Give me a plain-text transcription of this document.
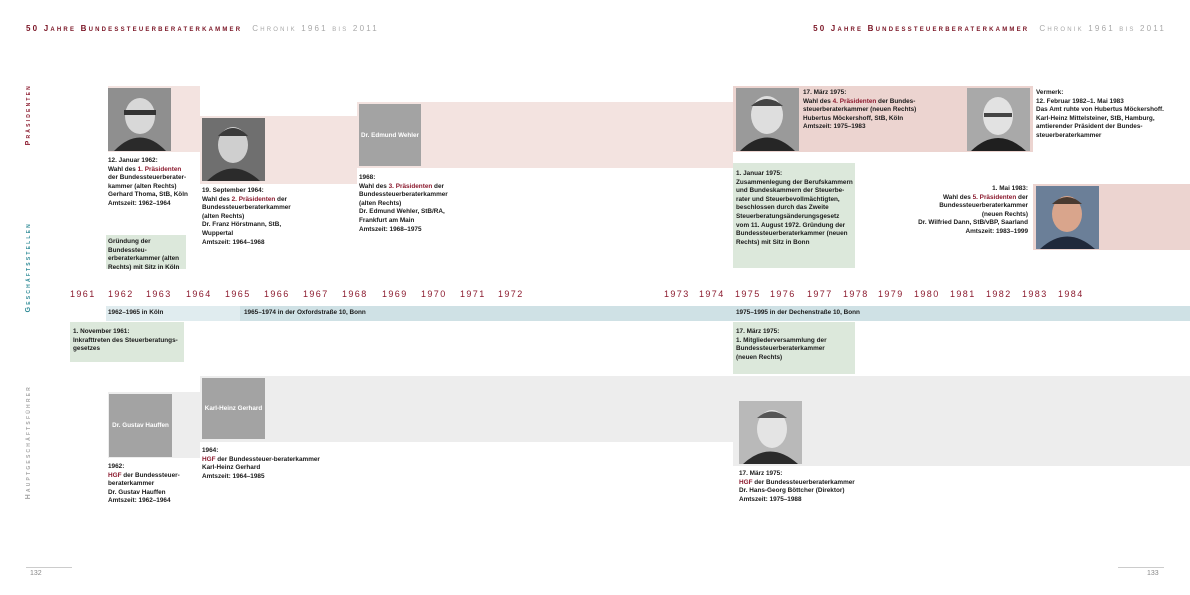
50 Jahre Bundessteuerberaterkammer Chronik 1961 bis 2011	50 Jahre Bundessteuerberaterkammer Chronik 1961 bis 2011
Präsidenten
Geschäftsstellen
Hauptgeschäftsführer
Dr. Edmund Wehler
12. Januar 1962:
Wahl des 1. Präsidenten
der Bundessteuerberater-
kammer (alten Rechts)
Gerhard Thoma, StB, Köln
Amtszeit: 1962–1964
19. September 1964:
Wahl des 2. Präsidenten der
Bundessteuerberaterkammer
(alten Rechts)
Dr. Franz Hörstmann, StB,
Wuppertal
Amtszeit: 1964–1968
1968:
Wahl des 3. Präsidenten der
Bundessteuerberaterkammer
(alten Rechts)
Dr. Edmund Wehler, StB/RA,
Frankfurt am Main
Amtszeit: 1968–1975
17. März 1975:
Wahl des 4. Präsidenten der Bundes-
steuerberaterkammer (neuen Rechts)
Hubertus Möckershoff, StB, Köln
Amtszeit: 1975–1983
Vermerk:
12. Februar 1982–1. Mai 1983
Das Amt ruhte von Hubertus Möckershoff.
Karl-Heinz Mittelsteiner, StB, Hamburg,
amtierender Präsident der Bundes-
steuerberaterkammer
1. Mai 1983:
Wahl des 5. Präsidenten der
Bundessteuerberaterkammer
(neuen Rechts)
Dr. Wilfried Dann, StB/vBP, Saarland
Amtszeit: 1983–1999
Gründung der Bundessteu-
erberaterkammer (alten
Rechts) mit Sitz in Köln
1. Januar 1975:
Zusammenlegung der Berufskammern
und Bundeskammern der Steuerbe-
rater und Steuerbevollmächtigten,
beschlossen durch das Zweite
Steuerberatungsänderungsgesetz
vom 11. August 1972. Gründung der
Bundessteuerberaterkammer (neuen
Rechts) mit Sitz in Bonn
1961 1962 1963 1964 1965 1966 1967 1968 1969 1970 1971 1972	1973 1974 1975 1976 1977 1978 1979 1980 1981 1982 1983 1984
1962–1965 in Köln	1965–1974 in der Oxfordstraße 10, Bonn	1975–1995 in der Dechenstraße 10, Bonn
1. November 1961:
Inkrafttreten des Steuerberatungs-
gesetzes
17. März 1975:
1. Mitgliederversammlung der
Bundessteuerberaterkammer
(neuen Rechts)
Dr. Gustav Hauffen
Karl-Heinz Gerhard
1962:
HGF der Bundessteuer-
beraterkammer
Dr. Gustav Hauffen
Amtszeit: 1962–1964
1964:
HGF der Bundessteuer-beraterkammer
Karl-Heinz Gerhard
Amtszeit: 1964–1985	17. März 1975:
HGF der Bundessteuerberaterkammer
Dr. Hans-Georg Böttcher (Direktor)
Amtszeit: 1975–1988
132	133
